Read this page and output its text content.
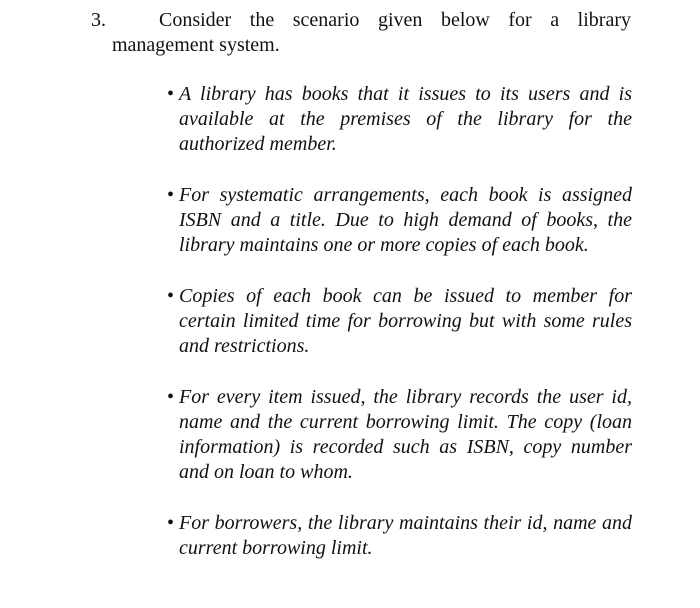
3.	Consider the scenario given below for a library
management system.
• A library has books that it issues to its users and is available at the premises of the library for the authorized member.
• For systematic arrangements, each book is assigned ISBN and a title. Due to high demand of books, the library maintains one or more copies of each book.
• Copies of each book can be issued to member for certain limited time for borrowing but with some rules and restrictions.
• For every item issued, the library records the user id, name and the current borrowing limit. The copy (loan information) is recorded such as ISBN, copy number and on loan to whom.
• For borrowers, the library maintains their id, name and current borrowing limit.
